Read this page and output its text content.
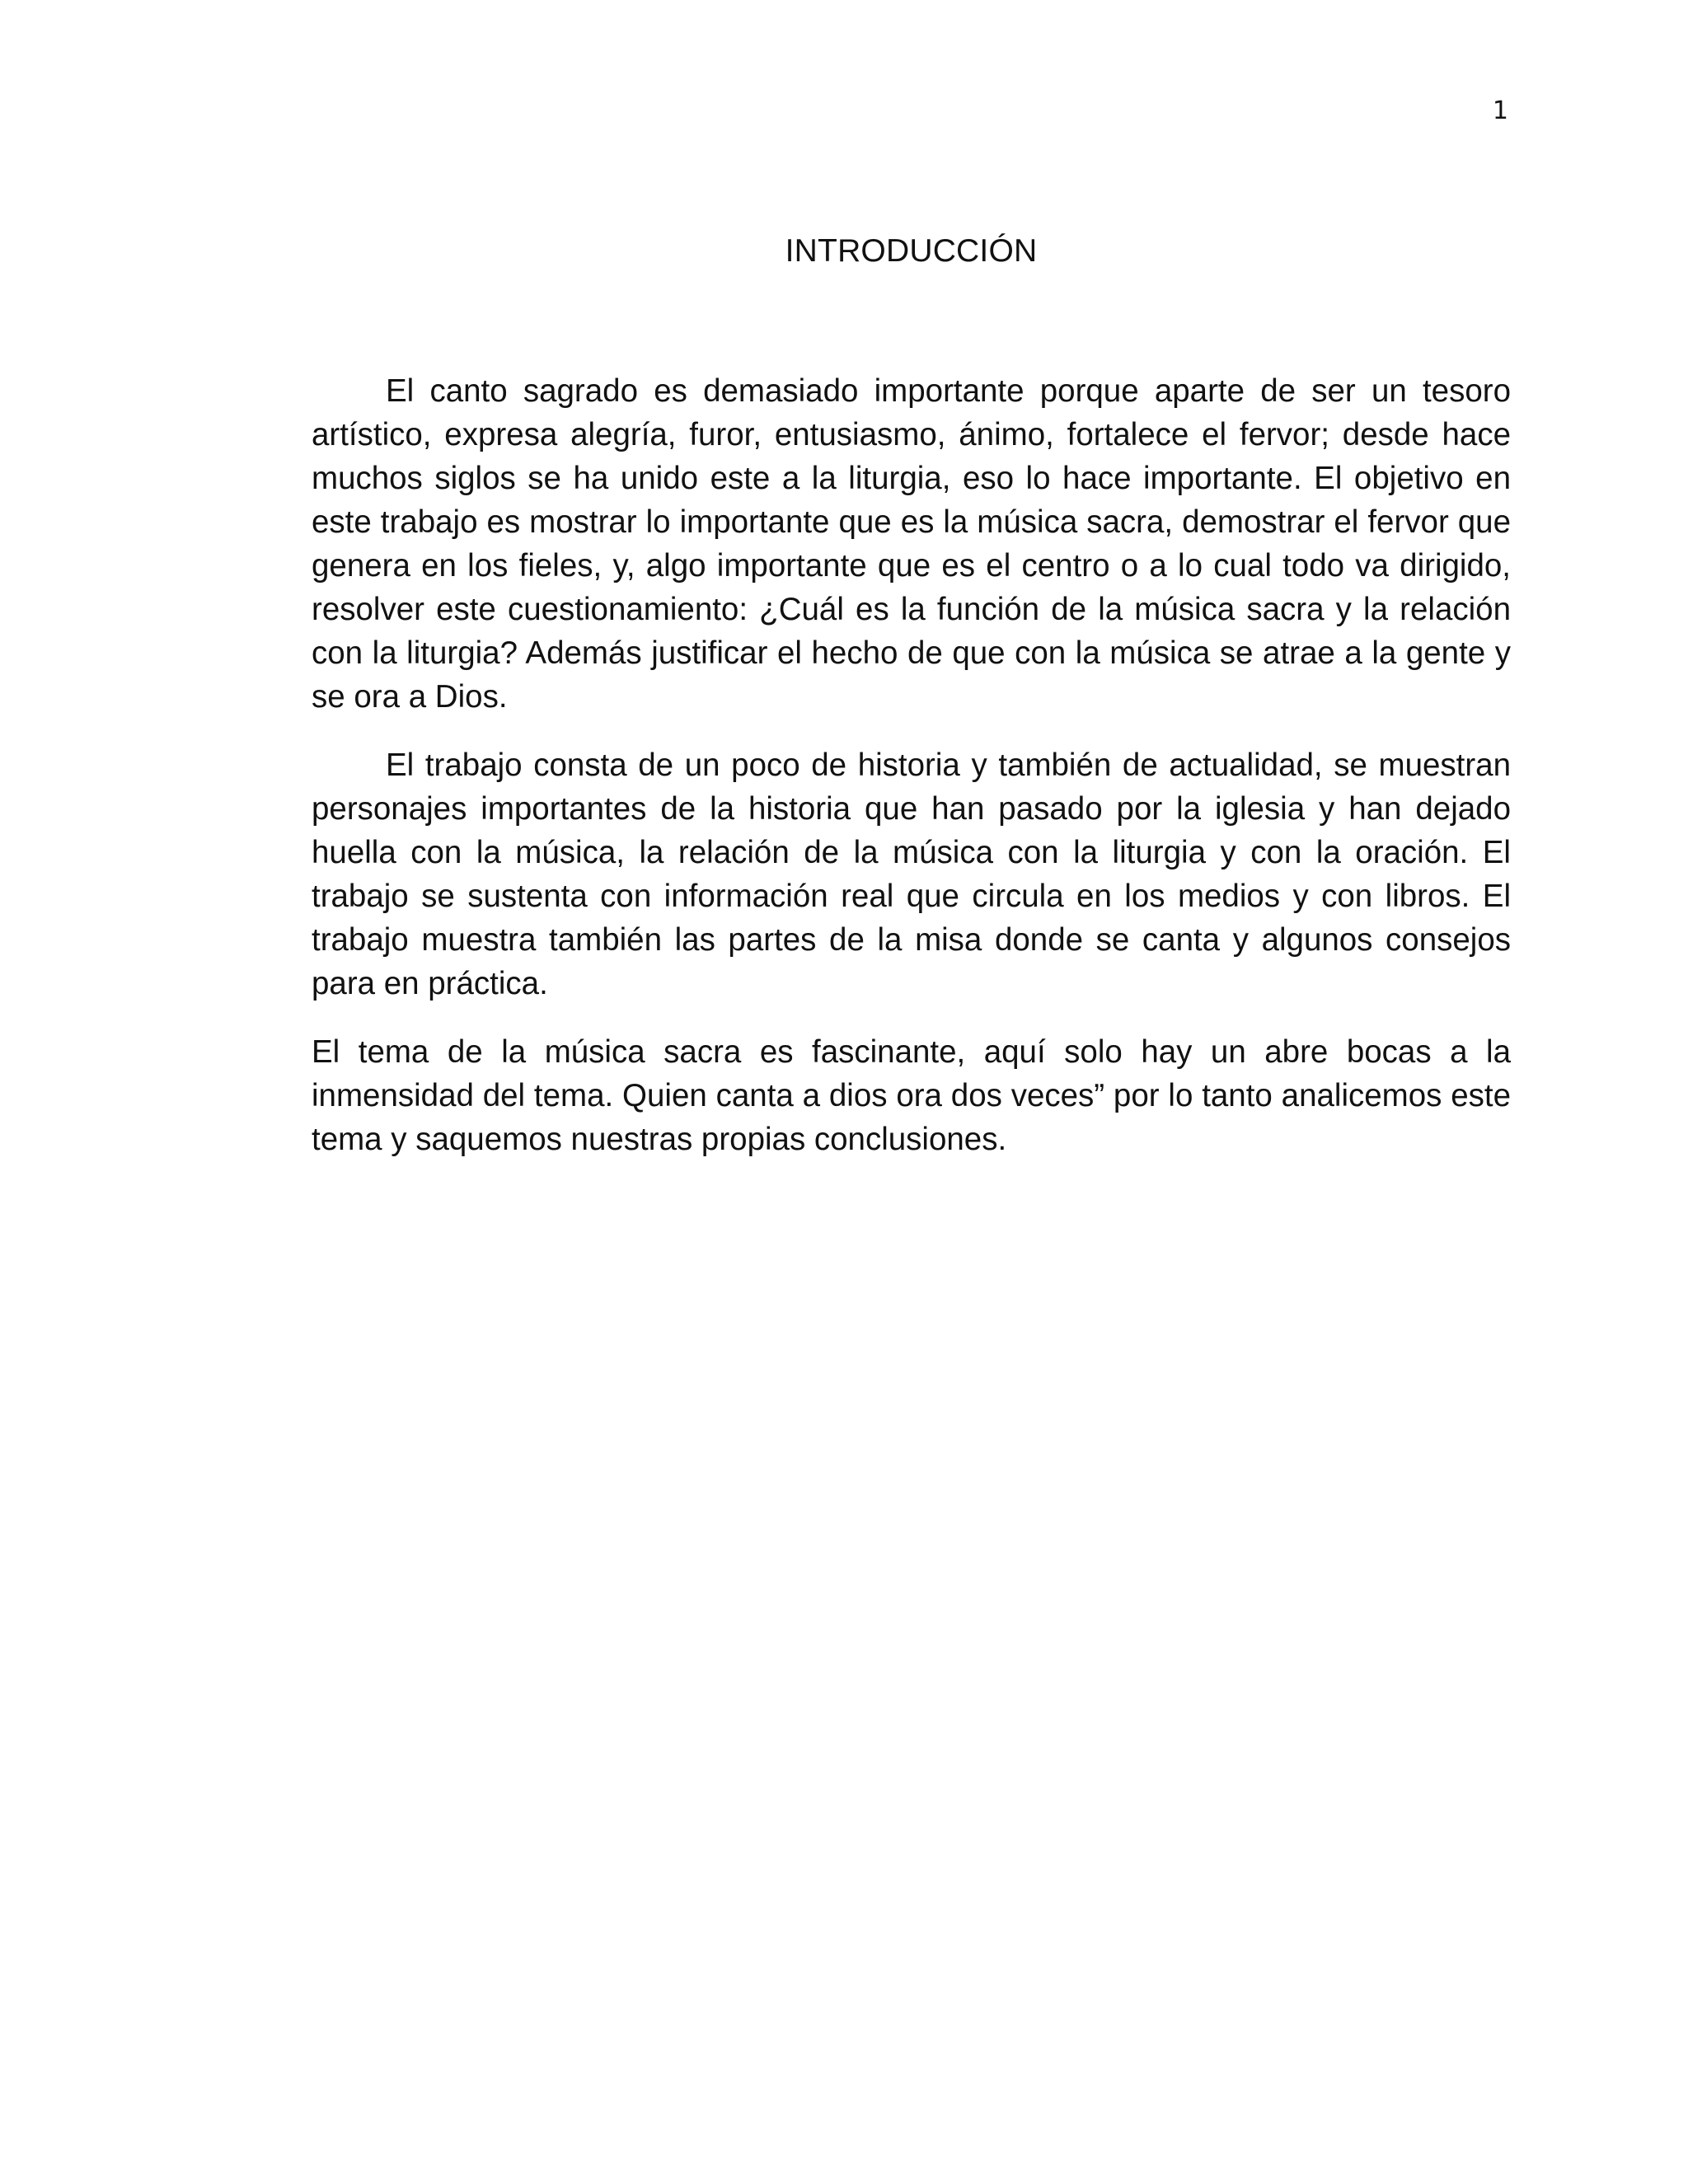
1
INTRODUCCIÓN

El canto sagrado es demasiado importante porque aparte de ser un tesoro artístico, expresa alegría, furor, entusiasmo, ánimo, fortalece el fervor; desde hace muchos siglos se ha unido este a la liturgia, eso lo hace importante. El objetivo en este trabajo es mostrar lo importante que es la música sacra, demostrar el fervor que genera en los fieles, y, algo importante que es el centro o a lo cual todo va dirigido, resolver este cuestionamiento: ¿Cuál es la función de la música sacra y la relación con la liturgia? Además justificar el hecho de que con la música se atrae a la gente y se ora a Dios.

El trabajo consta de un poco de historia y también de actualidad, se muestran personajes importantes de la historia que han pasado por la iglesia y han dejado huella con la música, la relación de la música con la liturgia y con la oración. El trabajo se sustenta con información real que circula en los medios y con libros. El trabajo muestra también las partes de la misa donde se canta y algunos consejos para en práctica.

El tema de la música sacra es fascinante, aquí solo hay un abre bocas a la inmensidad del tema. Quien canta a dios ora dos veces” por lo tanto analicemos este tema y saquemos nuestras propias conclusiones.
